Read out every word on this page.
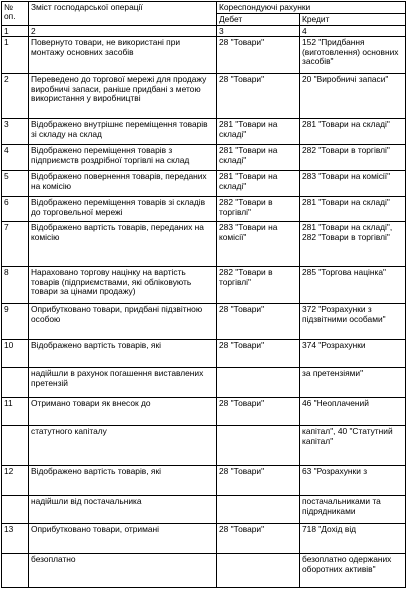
№ оп.	Зміст господарської операції	Кореспондуючі рахунки	
		Дебет	Кредит
1	2	3	4
1	Повернуто товари, не використані при монтажу основних засобів	28 "Товари"	152 "Придбання (виготовлення) основних засобів"
2	Переведено до торгової мережі для продажу виробничі запаси, раніше придбані з метою використання у виробництві	28 "Товари"	20 "Виробничі запаси"
3	Відображено внутрішнє переміщення товарів зі складу на склад	281 "Товари на складі"	281 "Товари на складі"
4	Відображено переміщення товарів з підприємств роздрібної торгівлі на склад	281 "Товари на складі"	282 "Товари в торгівлі"
5	Відображено повернення товарів, переданих на комісію	281 "Товари на складі"	283 "Товари на комісії"
6	Відображено переміщення товарів зі складів до торговельної мережі	282 "Товари в торгівлі"	281 "Товари на складі"
7	Відображено вартість товарів, переданих на комісію	283 "Товари на комісії"	281 "Товари на складі", 282 "Товари в торгівлі"
8	Нараховано торгову націнку на вартість товарів (підприємствами, які обліковують товари за цінами продажу)	282 "Товари в торгівлі"	285 "Торгова націнка"
9	Оприбутковано товари, придбані підзвітною особою	28 "Товари"	372 "Розрахунки з підзвітними особами"
10	Відображено вартість товарів, які	28 "Товари"	374 "Розрахунки
	надійшли в рахунок погашення виставлених претензій		за претензіями"
11	Отримано товари як внесок до	28 "Товари"	46 "Неоплачений
	статутного капіталу		капітал", 40 "Статутний капітал"
12	Відображено вартість товарів, які	28 "Товари"	63 "Розрахунки з
	надійшли від постачальника		постачальниками та підрядниками
13	Оприбутковано товари, отримані	28 "Товари"	718 "Дохід від
	безоплатно		безоплатно одержаних оборотних активів"
